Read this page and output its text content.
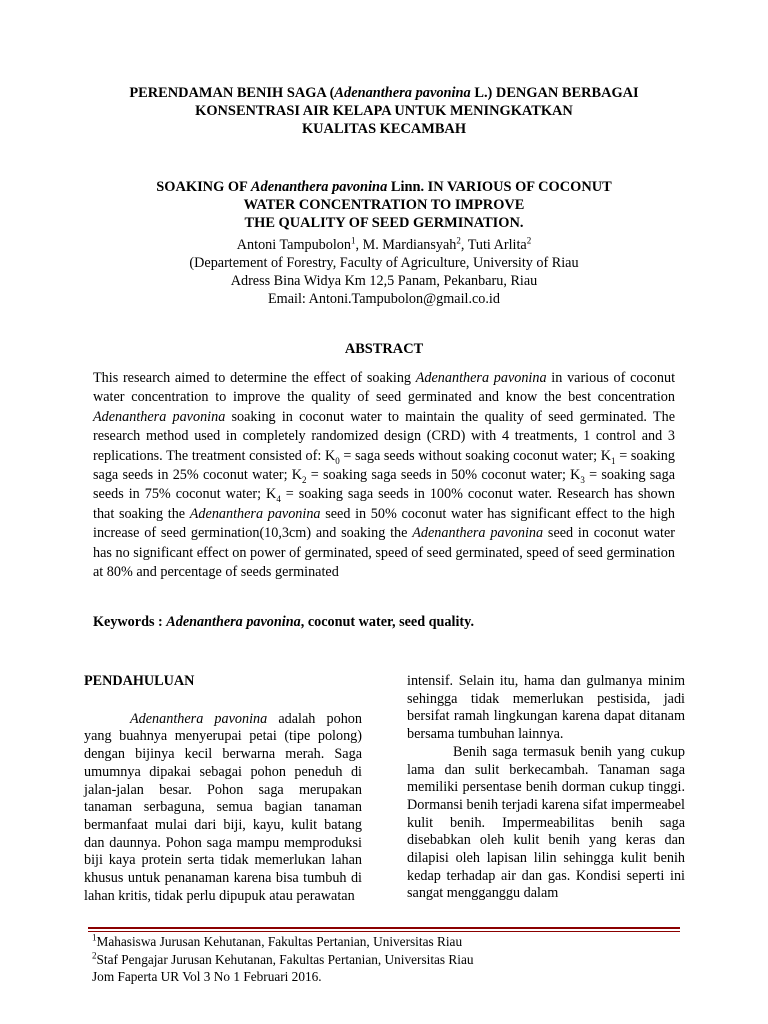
PERENDAMAN BENIH SAGA (Adenanthera pavonina L.) DENGAN BERBAGAI
KONSENTRASI AIR KELAPA UNTUK MENINGKATKAN
KUALITAS KECAMBAH
SOAKING OF Adenanthera pavonina Linn. IN VARIOUS OF COCONUT
WATER CONCENTRATION TO IMPROVE
THE QUALITY OF SEED GERMINATION.
Antoni Tampubolon$^1$, M. Mardiansyah$^2$, Tuti Arlita$^2$
(Departement of Forestry, Faculty of Agriculture, University of Riau
Adress Bina Widya Km 12,5 Panam, Pekanbaru, Riau
Email: Antoni.Tampubolon@gmail.co.id
ABSTRACT
This research aimed to determine the effect of soaking Adenanthera pavonina in various of coconut water concentration to improve the quality of seed germinated and know the best concentration Adenanthera pavonina soaking in coconut water to maintain the quality of seed germinated. The research method used in completely randomized design (CRD) with 4 treatments, 1 control and 3 replications. The treatment consisted of: $K_0$ = saga seeds without soaking coconut water; $K_1$ = soaking saga seeds in 25% coconut water; $K_2$ = soaking saga seeds in 50% coconut water; $K_3$ = soaking saga seeds in 75% coconut water; $K_4$ = soaking saga seeds in 100% coconut water. Research has shown that soaking the Adenanthera pavonina seed in 50% coconut water has significant effect to the high increase of seed germination(10,3cm) and soaking the Adenanthera pavonina seed in coconut water has no significant effect on power of germinated, speed of seed germinated, speed of seed germination at 80% and percentage of seeds germinated
Keywords : Adenanthera pavonina, coconut water, seed quality.
PENDAHULUAN

Adenanthera pavonina adalah pohon yang buahnya menyerupai petai (tipe polong) dengan bijinya kecil berwarna merah. Saga umumnya dipakai sebagai pohon peneduh di jalan-jalan besar. Pohon saga merupakan tanaman serbaguna, semua bagian tanaman bermanfaat mulai dari biji, kayu, kulit batang dan daunnya. Pohon saga mampu memproduksi biji kaya protein serta tidak memerlukan lahan khusus untuk penanaman karena bisa tumbuh di lahan kritis, tidak perlu dipupuk atau perawatan

intensif. Selain itu, hama dan gulmanya minim sehingga tidak memerlukan pestisida, jadi bersifat ramah lingkungan karena dapat ditanam bersama tumbuhan lainnya.

Benih saga termasuk benih yang cukup lama dan sulit berkecambah. Tanaman saga memiliki persentase benih dorman cukup tinggi. Dormansi benih terjadi karena sifat impermeabel kulit benih. Impermeabilitas benih saga disebabkan oleh kulit benih yang keras dan dilapisi oleh lapisan lilin sehingga kulit benih kedap terhadap air dan gas. Kondisi seperti ini sangat mengganggu dalam

$^1$Mahasiswa Jurusan Kehutanan, Fakultas Pertanian, Universitas Riau
$^2$Staf Pengajar Jurusan Kehutanan, Fakultas Pertanian, Universitas Riau
Jom Faperta UR Vol 3 No 1 Februari 2016.
